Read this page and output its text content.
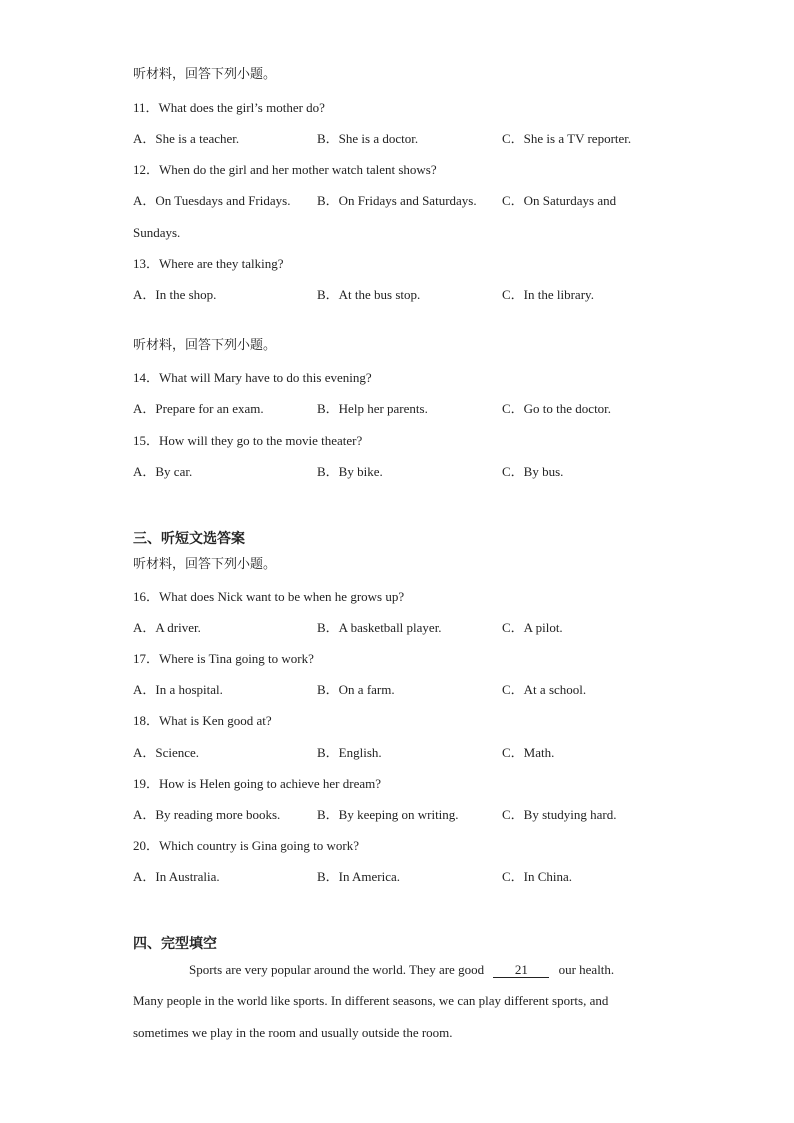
听材料，回答下列小题。
11．What does the girl’s mother do?
A．She is a teacher.	B．She is a doctor.	C．She is a TV reporter.
12．When do the girl and her mother watch talent shows?
A．On Tuesdays and Fridays. B．On Fridays and Saturdays. C．On Saturdays and
Sundays.
13．Where are they talking?
A．In the shop.	B．At the bus stop.	C．In the library.
听材料，回答下列小题。
14．What will Mary have to do this evening?
A．Prepare for an exam.	B．Help her parents.	C．Go to the doctor.
15．How will they go to the movie theater?
A．By car.	B．By bike.	C．By bus.
三、听短文选答案
听材料，回答下列小题。
16．What does Nick want to be when he grows up?
A．A driver.	B．A basketball player.	C．A pilot.
17．Where is Tina going to work?
A．In a hospital.	B．On a farm.	C．At a school.
18．What is Ken good at?
A．Science.	B．English.	C．Math.
19．How is Helen going to achieve her dream?
A．By reading more books.	B．By keeping on writing.	C．By studying hard.
20．Which country is Gina going to work?
A．In Australia.	B．In America.	C．In China.
四、完型填空
Sports are very popular around the world. They are good 21 our health.
Many people in the world like sports. In different seasons, we can play different sports, and
sometimes we play in the room and usually outside the room.
